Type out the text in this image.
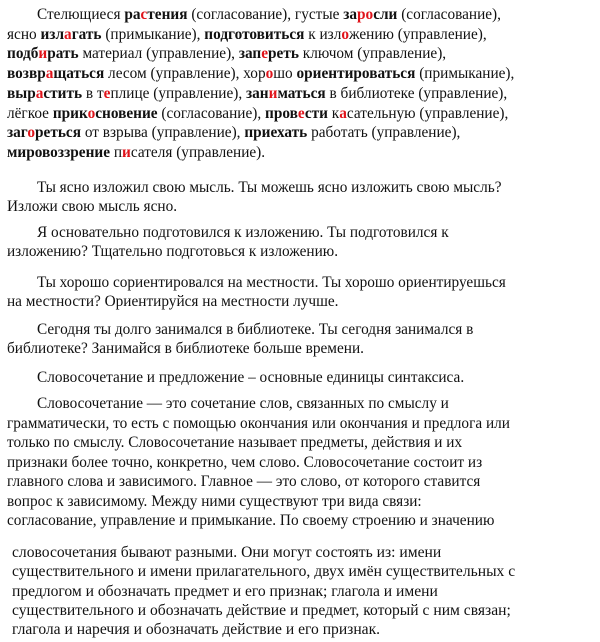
Стелющиеся растения (согласование), густые заросли (согласование),
ясно излагать (примыкание), подготовиться к изложению (управление),
подбирать материал (управление), запереть ключом (управление),
возвращаться лесом (управление), хорошо ориентироваться (примыкание),
вырастить в теплице (управление), заниматься в библиотеке (управление),
лёгкое прикосновение (согласование), провести касательную (управление),
загореться от взрыва (управление), приехать работать (управление),
мировоззрение писателя (управление).
Ты ясно изложил свою мысль. Ты можешь ясно изложить свою мысль?
Изложи свою мысль ясно.
Я основательно подготовился к изложению. Ты подготовился к
изложению? Тщательно подготовься к изложению.
Ты хорошо сориентировался на местности. Ты хорошо ориентируешься
на местности? Ориентируйся на местности лучше.
Сегодня ты долго занимался в библиотеке. Ты сегодня занимался в
библиотеке? Занимайся в библиотеке больше времени.
Словосочетание и предложение – основные единицы синтаксиса.
Словосочетание — это сочетание слов, связанных по смыслу и
грамматически, то есть с помощью окончания или окончания и предлога или
только по смыслу. Словосочетание называет предметы, действия и их
признаки более точно, конкретно, чем слово. Словосочетание состоит из
главного слова и зависимого. Главное — это слово, от которого ставится
вопрос к зависимому. Между ними существуют три вида связи:
согласование, управление и примыкание. По своему строению и значению
словосочетания бывают разными. Они могут состоять из: имени
существительного и имени прилагательного, двух имён существительных с
предлогом и обозначать предмет и его признак; глагола и имени
существительного и обозначать действие и предмет, который с ним связан;
глагола и наречия и обозначать действие и его признак.
